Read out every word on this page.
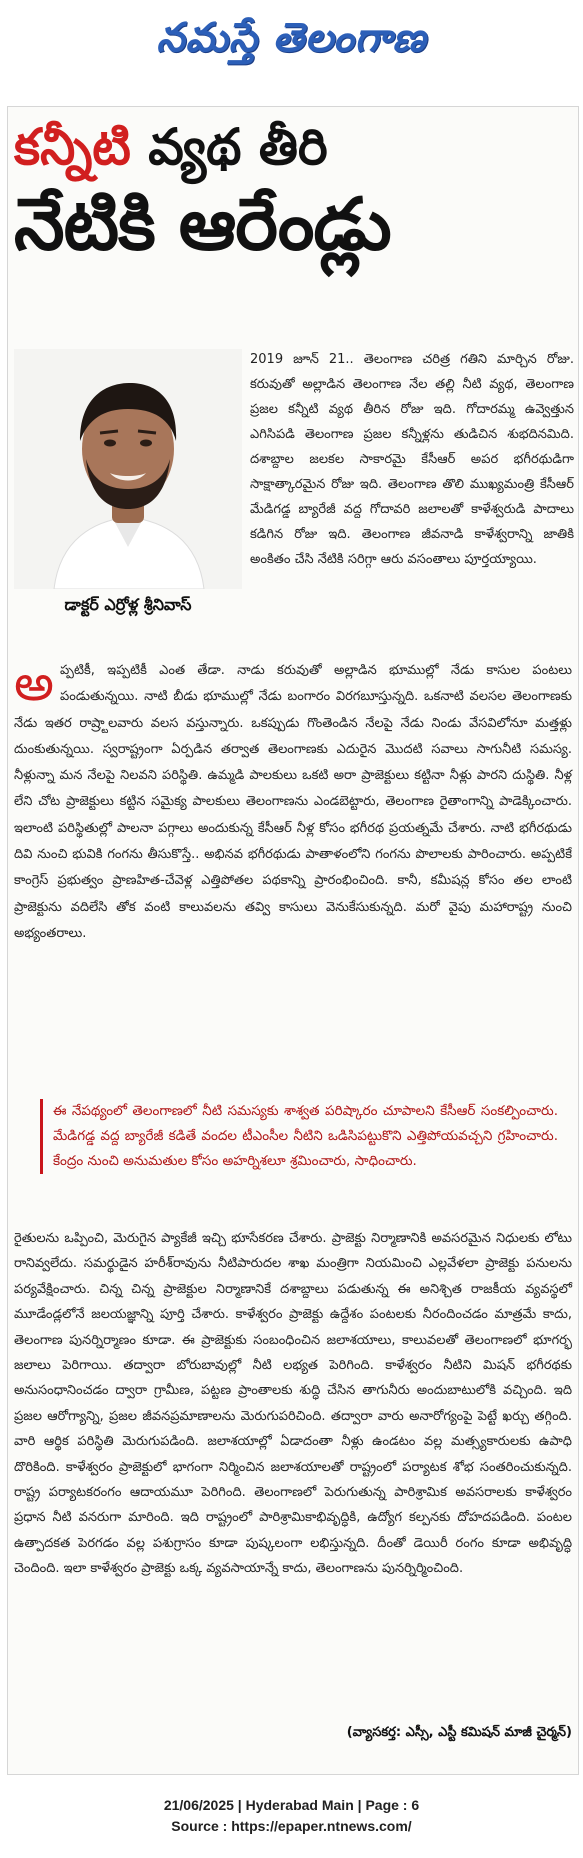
నమస్తే తెలంగాణ
కన్నీటి వ్యథ తీరి
నేటికి ఆరేండ్లు
డాక్టర్ ఎర్రోళ్ల శ్రీనివాస్
2019 జూన్ 21.. తెలంగాణ చరిత్ర గతిని మార్చిన రోజు. కరువుతో అల్లాడిన తెలంగాణ నేల తల్లి నీటి వ్యథ, తెలంగాణ ప్రజల కన్నీటి వ్యథ తీరిన రోజు ఇది. గోదారమ్మ ఉవ్వెత్తున ఎగిసిపడి తెలంగాణ ప్రజల కన్నీళ్లను తుడిచిన శుభదినమిది. దశాబ్దాల జలకల సాకారమై కేసీఆర్ అపర భగీరథుడిగా సాక్షాత్కారమైన రోజు ఇది. తెలంగాణ తొలి ముఖ్యమంత్రి కేసీఆర్ మేడిగడ్డ బ్యారేజీ వద్ద గోదావరి జలాలతో కాళేశ్వరుడి పాదాలు కడిగిన రోజు ఇది. తెలంగాణ జీవనాడి కాళేశ్వరాన్ని జాతికి అంకితం చేసి నేటికి సరిగ్గా ఆరు వసంతాలు పూర్తయ్యాయి.
అప్పటికీ, ఇప్పటికీ ఎంత తేడా. నాడు కరువుతో అల్లాడిన భూముల్లో నేడు కాసుల పంటలు పండుతున్నయి. నాటి బీడు భూముల్లో నేడు బంగారం విరగబూస్తున్నది. ఒకనాటి వలసల తెలంగాణకు నేడు ఇతర రాష్ర్టాలవారు వలస వస్తున్నారు. ఒకప్పుడు గొంతెండిన నేలపై నేడు నిండు వేసవిలోనూ మత్తళ్లు దుంకుతున్నయి. స్వరాష్ట్రంగా ఏర్పడిన తర్వాత తెలంగాణకు ఎదురైన మొదటి సవాలు సాగునీటి సమస్య. నీళ్లున్నా మన నేలపై నిలవని పరిస్థితి. ఉమ్మడి పాలకులు ఒకటి అరా ప్రాజెక్టులు కట్టినా నీళ్లు పారని దుస్థితి. నీళ్ల లేని చోట ప్రాజెక్టులు కట్టిన సమైక్య పాలకులు తెలంగాణను ఎండబెట్టారు, తెలంగాణ రైతాంగాన్ని పాడెక్కించారు. ఇలాంటి పరిస్థితుల్లో పాలనా పగ్గాలు అందుకున్న కేసీఆర్ నీళ్ల కోసం భగీరథ ప్రయత్నమే చేశారు. నాటి భగీరథుడు దివి నుంచి భువికి గంగను తీసుకొస్తే.. అభినవ భగీరథుడు పాతాళంలోని గంగను పొలాలకు పారించారు. అప్పటికే కాంగ్రెస్ ప్రభుత్వం ప్రాణహిత-చేవెళ్ల ఎత్తిపోతల పథకాన్ని ప్రారంభించింది. కానీ, కమీషన్ల కోసం తల లాంటి ప్రాజెక్టును వదిలేసి తోక వంటి కాలువలను తవ్వి కాసులు వెనుకేసుకున్నది. మరో వైపు మహారాష్ట్ర నుంచి అభ్యంతరాలు.
ఈ నేపథ్యంలో తెలంగాణలో నీటి సమస్యకు శాశ్వత పరిష్కారం చూపాలని కేసీఆర్ సంకల్పించారు. మేడిగడ్డ వద్ద బ్యారేజీ కడితే వందల టీఎంసీల నీటిని ఒడిసిపట్టుకొని ఎత్తిపోయవచ్చని గ్రహించారు. కేంద్రం నుంచి అనుమతుల కోసం అహర్నిశలూ శ్రమించారు, సాధించారు.
రైతులను ఒప్పించి, మెరుగైన ప్యాకేజీ ఇచ్చి భూసేకరణ చేశారు. ప్రాజెక్టు నిర్మాణానికి అవసరమైన నిధులకు లోటు రానివ్వలేదు. సమర్థుడైన హరీశ్‌రావును నీటిపారుదల శాఖ మంత్రిగా నియమించి ఎల్లవేళలా ప్రాజెక్టు పనులను పర్యవేక్షించారు. చిన్న చిన్న ప్రాజెక్టుల నిర్మాణానికే దశాబ్దాలు పడుతున్న ఈ అనిశ్చిత రాజకీయ వ్యవస్థలో మూడేండ్లలోనే జలయజ్ఞాన్ని పూర్తి చేశారు. కాళేశ్వరం ప్రాజెక్టు ఉద్దేశం పంటలకు నీరందించడం మాత్రమే కాదు, తెలంగాణ పునర్నిర్మాణం కూడా. ఈ ప్రాజెక్టుకు సంబంధించిన జలాశయాలు, కాలువలతో తెలంగాణలో భూగర్భ జలాలు పెరిగాయి. తద్వారా బోరుబావుల్లో నీటి లభ్యత పెరిగింది. కాళేశ్వరం నీటిని మిషన్ భగీరథకు అనుసంధానించడం ద్వారా గ్రామీణ, పట్టణ ప్రాంతాలకు శుద్ధి చేసిన తాగునీరు అందుబాటులోకి వచ్చింది. ఇది ప్రజల ఆరోగ్యాన్ని, ప్రజల జీవనప్రమాణాలను మెరుగుపరిచింది. తద్వారా వారు అనారోగ్యంపై పెట్టే ఖర్చు తగ్గింది. వారి ఆర్థిక పరిస్థితి మెరుగుపడింది. జలాశయాల్లో ఏడాదంతా నీళ్లు ఉండటం వల్ల మత్స్యకారులకు ఉపాధి దొరికింది. కాళేశ్వరం ప్రాజెక్టులో భాగంగా నిర్మించిన జలాశయాలతో రాష్ట్రంలో పర్యాటక శోభ సంతరించుకున్నది. రాష్ట్ర పర్యాటకరంగం ఆదాయమూ పెరిగింది. తెలంగాణలో పెరుగుతున్న పారిశ్రామిక అవసరాలకు కాళేశ్వరం ప్రధాన నీటి వనరుగా మారింది. ఇది రాష్ట్రంలో పారిశ్రామికాభివృద్ధికి, ఉద్యోగ కల్పనకు దోహదపడింది. పంటల ఉత్పాదకత పెరగడం వల్ల పశుగ్రాసం కూడా పుష్కలంగా లభిస్తున్నది. దీంతో డెయిరీ రంగం కూడా అభివృద్ధి చెందింది. ఇలా కాళేశ్వరం ప్రాజెక్టు ఒక్క వ్యవసాయాన్నే కాదు, తెలంగాణను పునర్నిర్మించింది.
(వ్యాసకర్త: ఎస్సీ, ఎస్టీ కమిషన్ మాజీ చైర్మన్)
21/06/2025 | Hyderabad Main | Page : 6
Source : https://epaper.ntnews.com/
